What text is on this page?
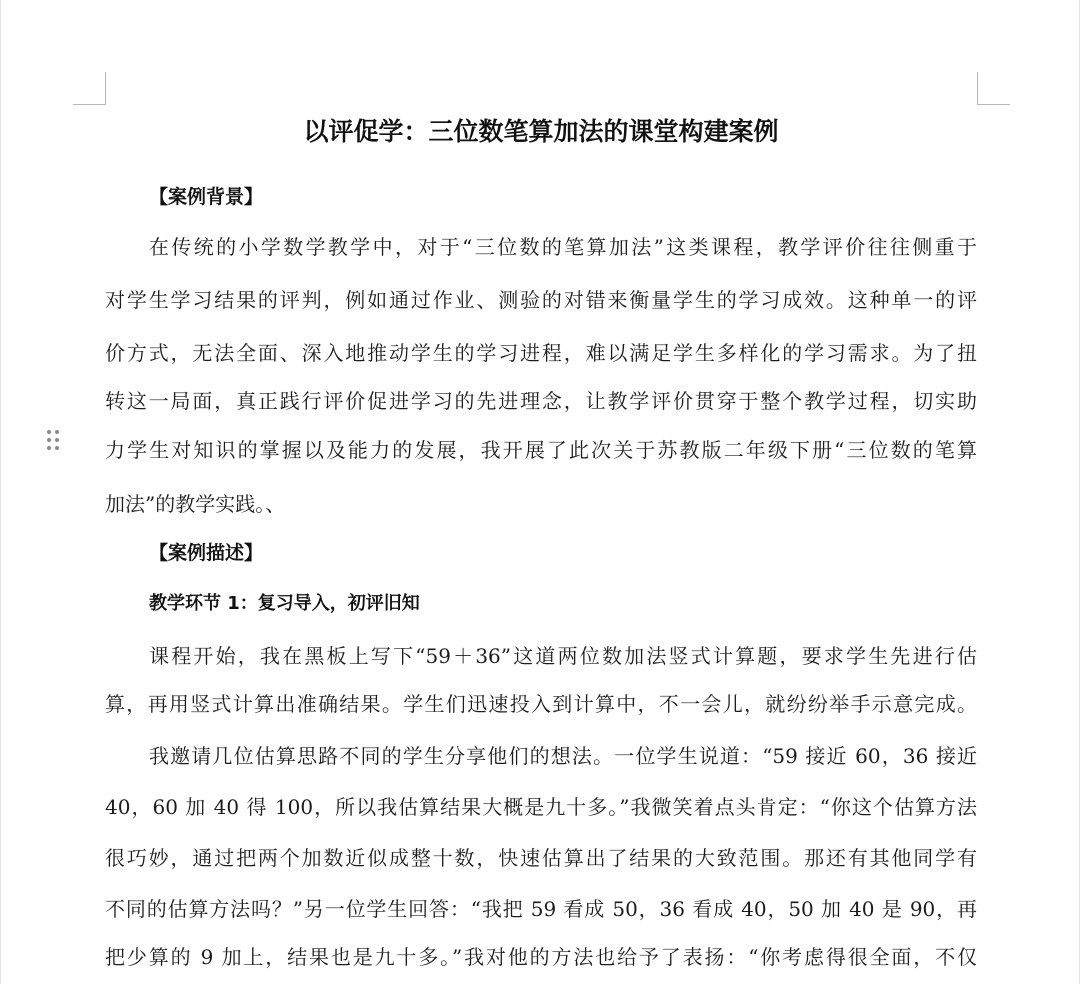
以评促学：三位数笔算加法的课堂构建案例
【案例背景】
在传统的小学数学教学中，对于“三位数的笔算加法”这类课程，教学评价往往侧重于
对学生学习结果的评判，例如通过作业、测验的对错来衡量学生的学习成效。这种单一的评
价方式，无法全面、深入地推动学生的学习进程，难以满足学生多样化的学习需求。为了扭
转这一局面，真正践行评价促进学习的先进理念，让教学评价贯穿于整个教学过程，切实助
力学生对知识的掌握以及能力的发展，我开展了此次关于苏教版二年级下册“三位数的笔算
加法”的教学实践。、
【案例描述】
教学环节 1：复习导入，初评旧知
课程开始，我在黑板上写下“59＋36”这道两位数加法竖式计算题，要求学生先进行估
算，再用竖式计算出准确结果。学生们迅速投入到计算中，不一会儿，就纷纷举手示意完成。
我邀请几位估算思路不同的学生分享他们的想法。一位学生说道：“59 接近 60，36 接近
40，60 加 40 得 100，所以我估算结果大概是九十多。”我微笑着点头肯定：“你这个估算方法
很巧妙，通过把两个加数近似成整十数，快速估算出了结果的大致范围。那还有其他同学有
不同的估算方法吗？”另一位学生回答：“我把 59 看成 50，36 看成 40，50 加 40 是 90，再
把少算的 9 加上，结果也是九十多。”我对他的方法也给予了表扬：“你考虑得很全面，不仅
